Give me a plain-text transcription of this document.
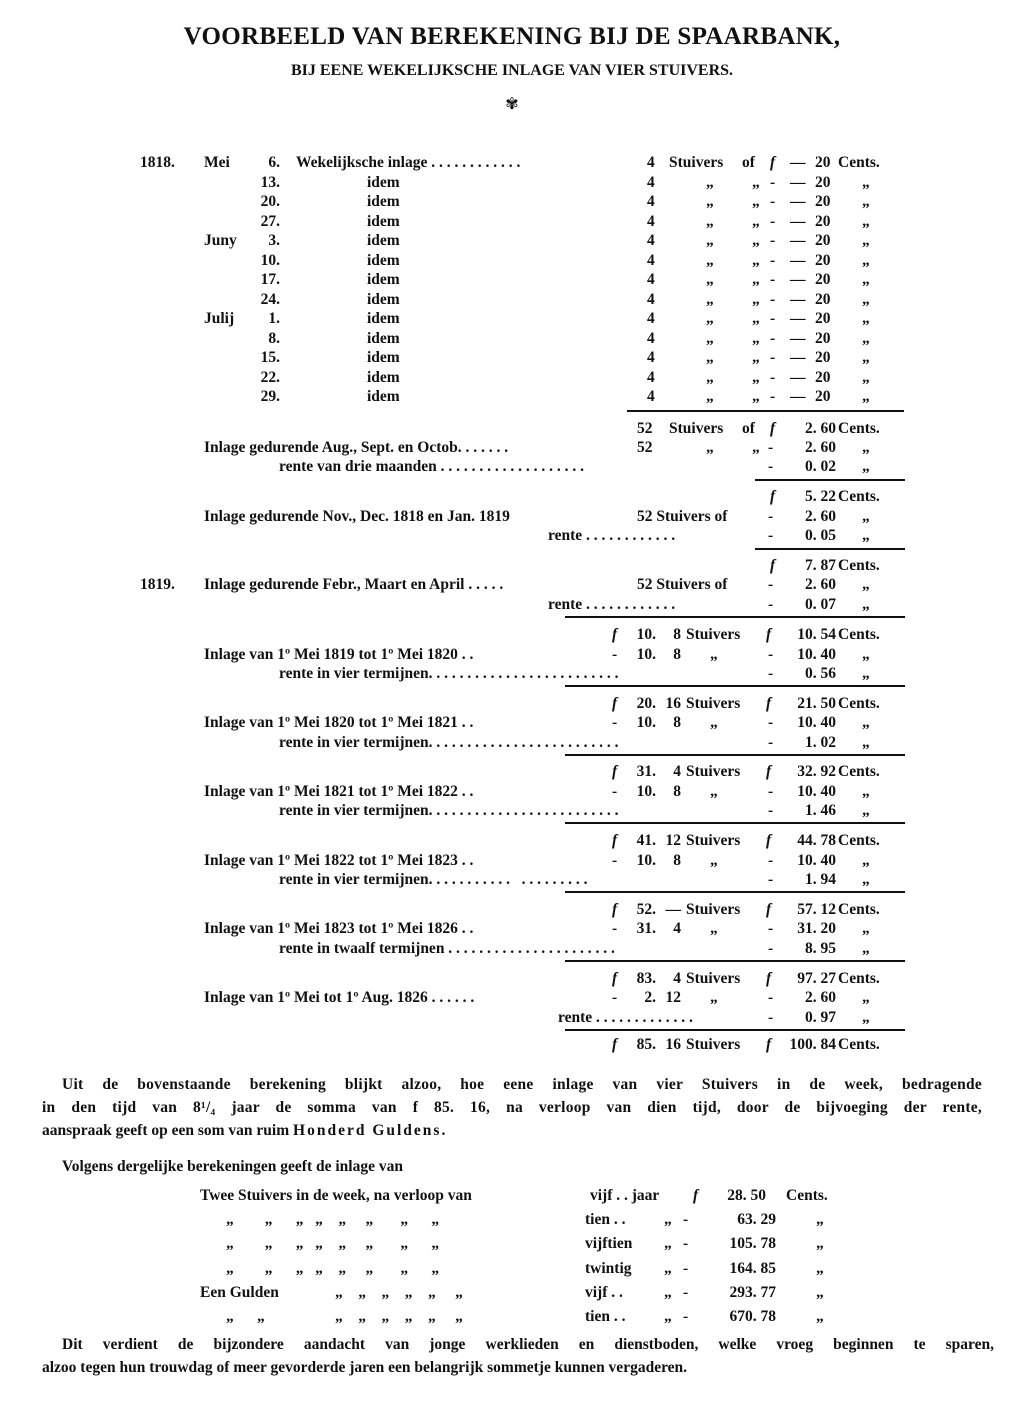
VOORBEELD VAN BEREKENING BIJ DE SPAARBANK,
BIJ EENE WEKELIJKSCHE INLAGE VAN VIER STUIVERS.
✾
1818. Mei	6. Wekelijksche inlage . . . . . . . . . . . .	4 Stuivers of f — 20 Cents.
13.	idem	4	„ „ - — 20 „
20.	idem	4	„ „ - — 20 „
27.	idem	4	„ „ - — 20 „
Juny	3.	idem	4	„ „ - — 20 „
10.	idem	4	„ „ - — 20 „
17.	idem	4	„ „ - — 20 „
24.	idem	4	„ „ - — 20 „
Julij	1.	idem	4	„ „ - — 20 „
8.	idem	4	„ „ - — 20 „
15.	idem	4	„ „ - — 20 „
22.	idem	4	„ „ - — 20 „
29.	idem	4	„ „ - — 20 „
52 Stuivers of f	2. 60 Cents.
Inlage gedurende Aug., Sept. en Octob. . . . . . .	52	„ „ -	2. 60 „
rente van drie maanden . . . . . . . . . . . . . . . . . . .	-	0. 02 „
f	5. 22 Cents.
Inlage gedurende Nov., Dec. 1818 en Jan. 1819	52 Stuivers of	-	2. 60 „
rente . . . . . . . . . . . .	-	0. 05 „
f	7. 87 Cents.
1819. Inlage gedurende Febr., Maart en April . . . . .	52 Stuivers of	-	2. 60 „
rente . . . . . . . . . . . .	-	0. 07 „
f	10.	8 Stuivers f	10. 54 Cents.
Inlage van 1º Mei 1819 tot 1º Mei 1820 . .	-	10.	8 „	-	10. 40 „
rente in vier termijnen. . . . . . . . . . . . . . . . . . . . . . . . .	-	0. 56 „
f	20. 16 Stuivers f	21. 50 Cents.
Inlage van 1º Mei 1820 tot 1º Mei 1821 . .	-	10.	8 „	-	10. 40 „
rente in vier termijnen. . . . . . . . . . . . . . . . . . . . . . . . .	-	1. 02 „
f	31.	4 Stuivers f	32. 92 Cents.
Inlage van 1º Mei 1821 tot 1º Mei 1822 . .	-	10.	8 „	-	10. 40 „
rente in vier termijnen. . . . . . . . . . . . . . . . . . . . . . . . .	-	1. 46 „
f	41. 12 Stuivers f	44. 78 Cents.
Inlage van 1º Mei 1822 tot 1º Mei 1823 . .	-	10.	8 „	-	10. 40 „
rente in vier termijnen. . . . . . . . . . .   . . . . . . . . .	-	1. 94 „
f	52. — Stuivers f	57. 12 Cents.
Inlage van 1º Mei 1823 tot 1º Mei 1826 . .	-	31.	4 „	-	31. 20 „
rente in twaalf termijnen . . . . . . . . . . . . . . . . . . . . . .	-	8. 95 „
f	83.	4 Stuivers f	97. 27 Cents.
Inlage van 1º Mei tot 1º Aug. 1826 . . . . . .	-	2. 12 „	-	2. 60 „
rente . . . . . . . . . . . . .	-	0. 97 „
f	85. 16 Stuivers f	100. 84 Cents.
Uit de bovenstaande berekening blijkt alzoo, hoe eene inlage van vier Stuivers in de week, bedragende
in den tijd van 8¹/₄ jaar de somma van f 85. 16, na verloop van dien tijd, door de bijvoeging der rente,
aanspraak geeft op een som van ruim Honderd Guldens.
Volgens dergelijke berekeningen geeft de inlage van
Twee Stuivers in de week, na verloop van	vijf . . jaar f	28. 50 Cents.
„        „      „   „    „     „       „      „	tien . . „ -	63. 29	„
„        „      „   „    „     „       „      „	vijftien „ -	105. 78	„
„        „      „   „    „     „       „      „	twintig „ -	164. 85	„
Een Gulden	„    „    „    „    „     „	vijf . .	„ -	293. 77	„
„      „	„    „    „    „    „     „	tien . . „ -	670. 78	„
Dit verdient de bijzondere aandacht van jonge werklieden en dienstboden, welke vroeg beginnen te sparen,
alzoo tegen hun trouwdag of meer gevorderde jaren een belangrijk sommetje kunnen vergaderen.
